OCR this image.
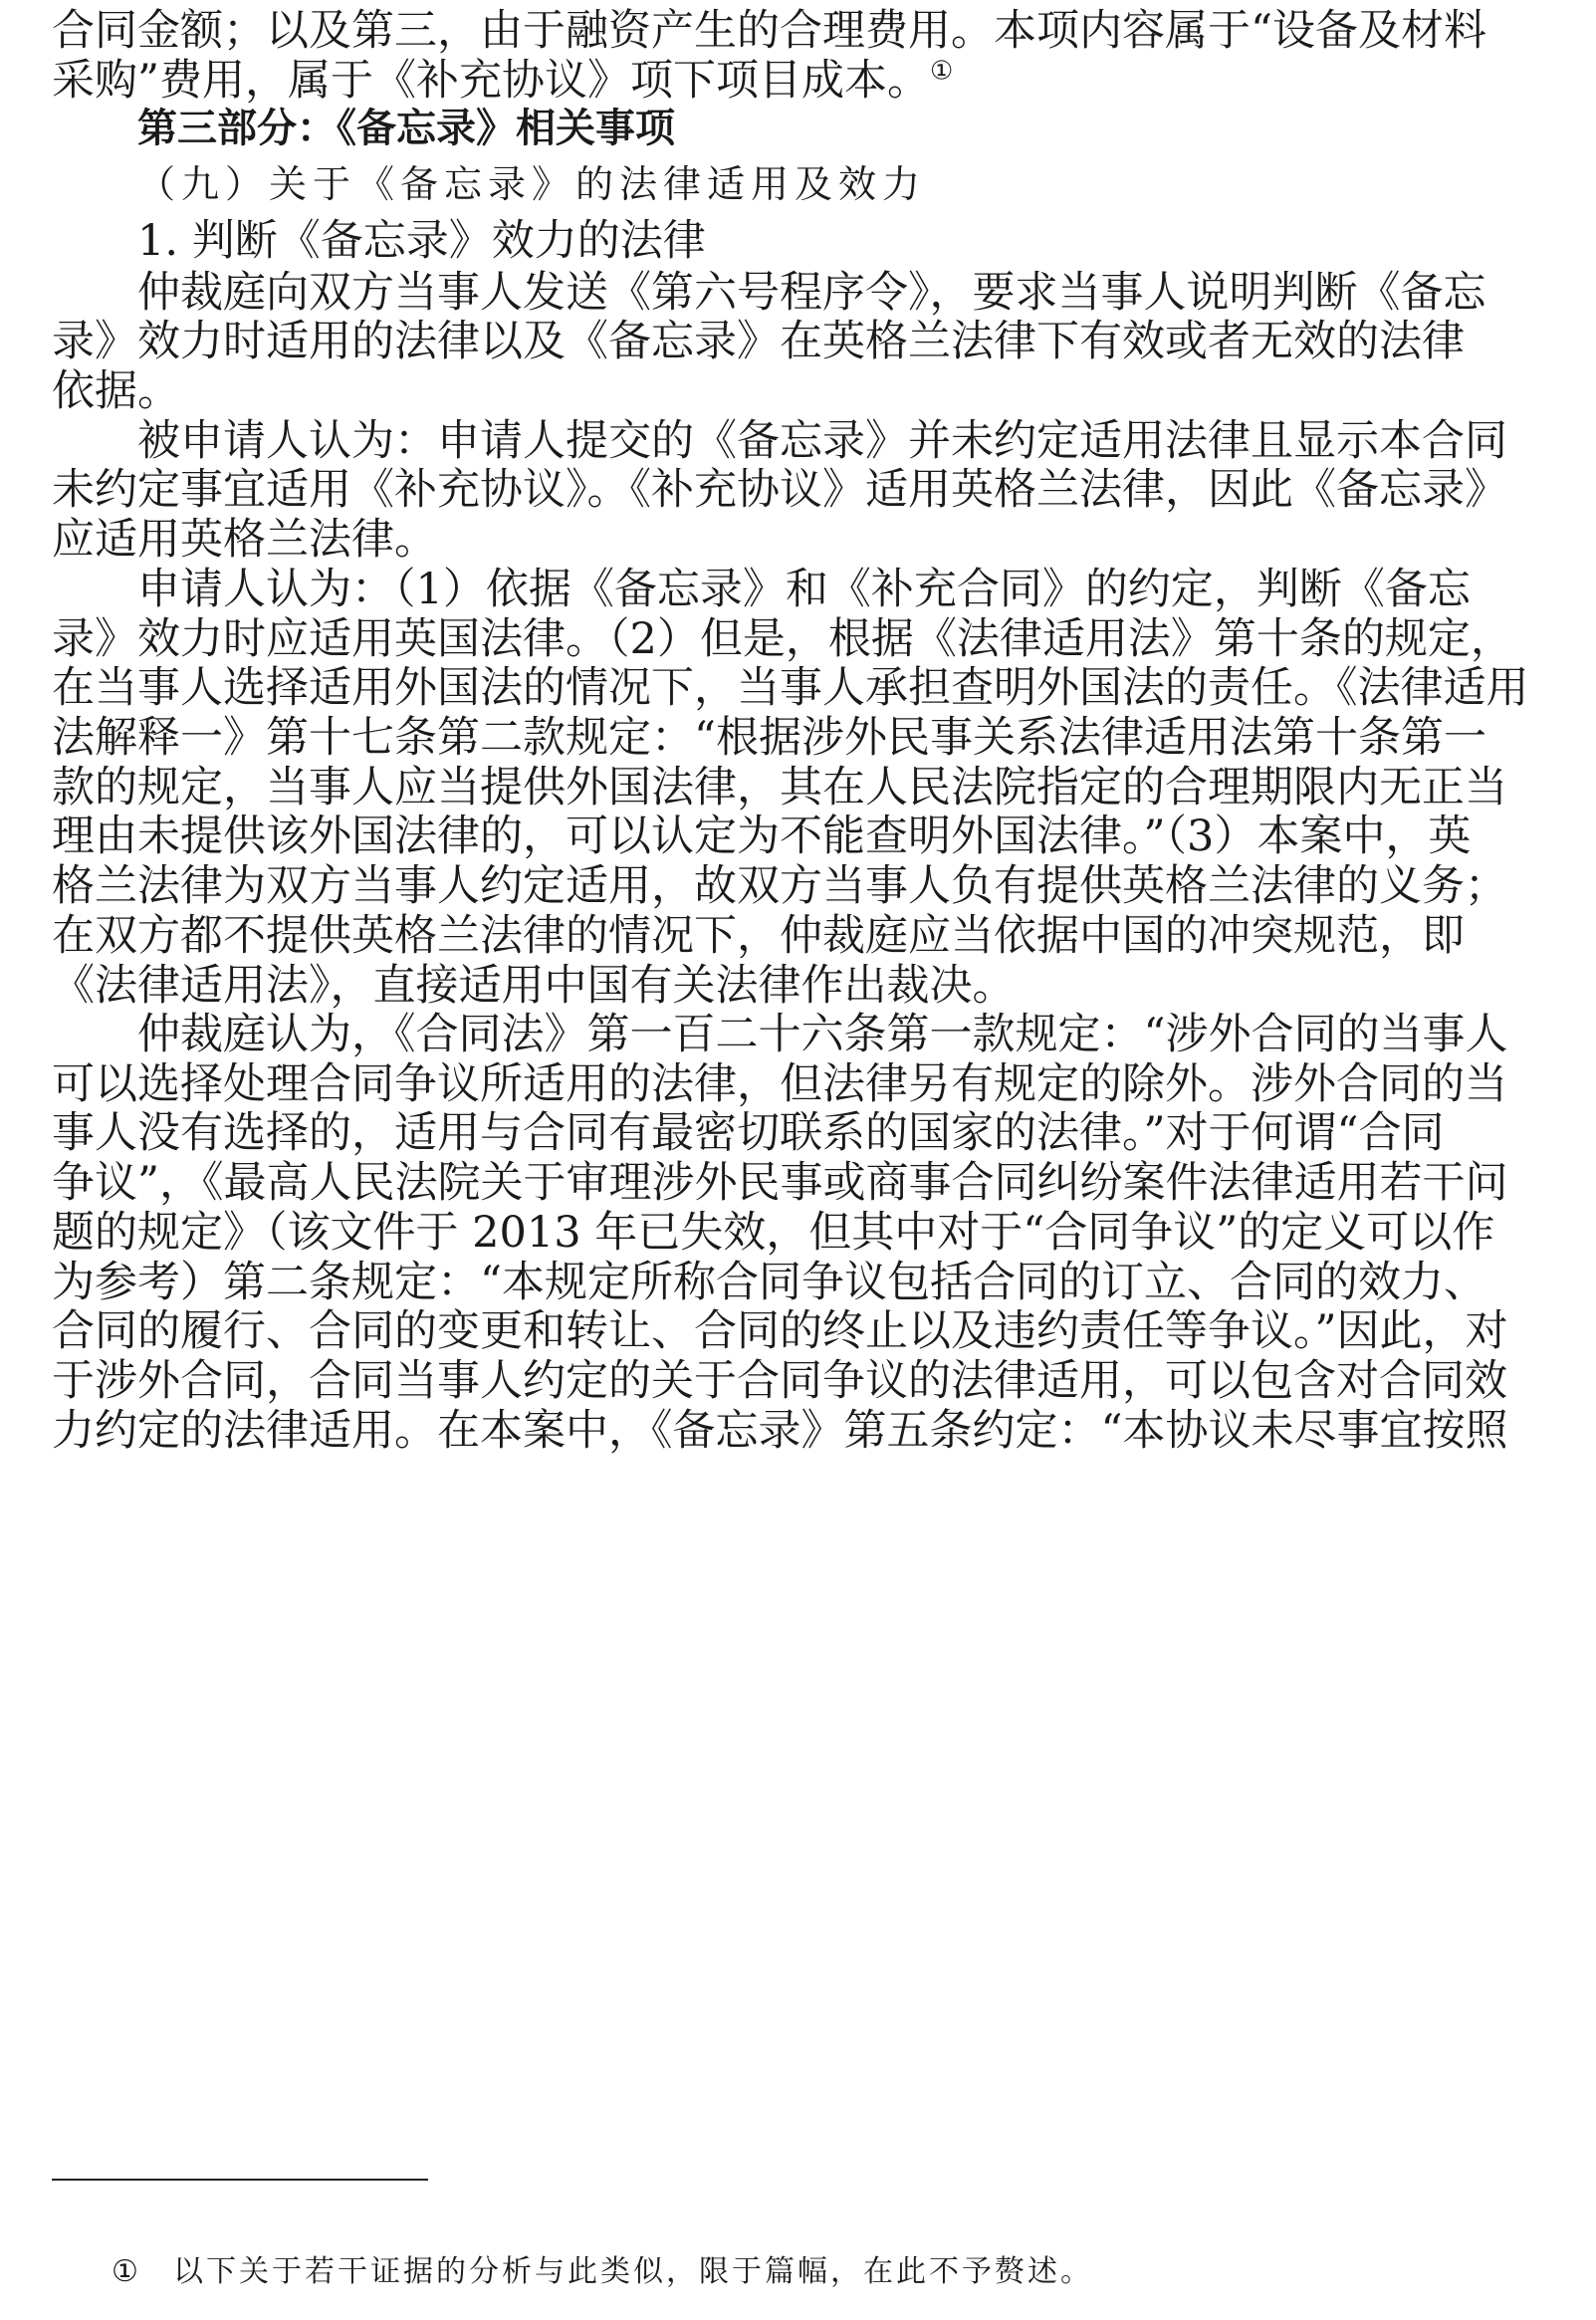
合同金额；以及第三，由于融资产生的合理费用。本项内容属于“设备及材料
采购”费用，属于《补充协议》项下项目成本。①
第三部分：《备忘录》相关事项
（九）关于《备忘录》的法律适用及效力
1. 判断《备忘录》效力的法律
仲裁庭向双方当事人发送《第六号程序令》，要求当事人说明判断《备忘
录》效力时适用的法律以及《备忘录》在英格兰法律下有效或者无效的法律
依据。
被申请人认为：申请人提交的《备忘录》并未约定适用法律且显示本合同
未约定事宜适用《补充协议》。《补充协议》适用英格兰法律，因此《备忘录》
应适用英格兰法律。
申请人认为：（1）依据《备忘录》和《补充合同》的约定，判断《备忘
录》效力时应适用英国法律。（2）但是，根据《法律适用法》第十条的规定，
在当事人选择适用外国法的情况下，当事人承担查明外国法的责任。《法律适用
法解释一》第十七条第二款规定：“根据涉外民事关系法律适用法第十条第一
款的规定，当事人应当提供外国法律，其在人民法院指定的合理期限内无正当
理由未提供该外国法律的，可以认定为不能查明外国法律。”（3）本案中，英
格兰法律为双方当事人约定适用，故双方当事人负有提供英格兰法律的义务；
在双方都不提供英格兰法律的情况下，仲裁庭应当依据中国的冲突规范，即
《法律适用法》，直接适用中国有关法律作出裁决。
仲裁庭认为，《合同法》第一百二十六条第一款规定：“涉外合同的当事人
可以选择处理合同争议所适用的法律，但法律另有规定的除外。涉外合同的当
事人没有选择的，适用与合同有最密切联系的国家的法律。”对于何谓“合同
争议”，《最高人民法院关于审理涉外民事或商事合同纠纷案件法律适用若干问
题的规定》（该文件于 2013 年已失效，但其中对于“合同争议”的定义可以作
为参考）第二条规定：“本规定所称合同争议包括合同的订立、合同的效力、
合同的履行、合同的变更和转让、合同的终止以及违约责任等争议。”因此，对
于涉外合同，合同当事人约定的关于合同争议的法律适用，可以包含对合同效
力约定的法律适用。在本案中，《备忘录》第五条约定：“本协议未尽事宜按照
① 以下关于若干证据的分析与此类似，限于篇幅，在此不予赘述。
